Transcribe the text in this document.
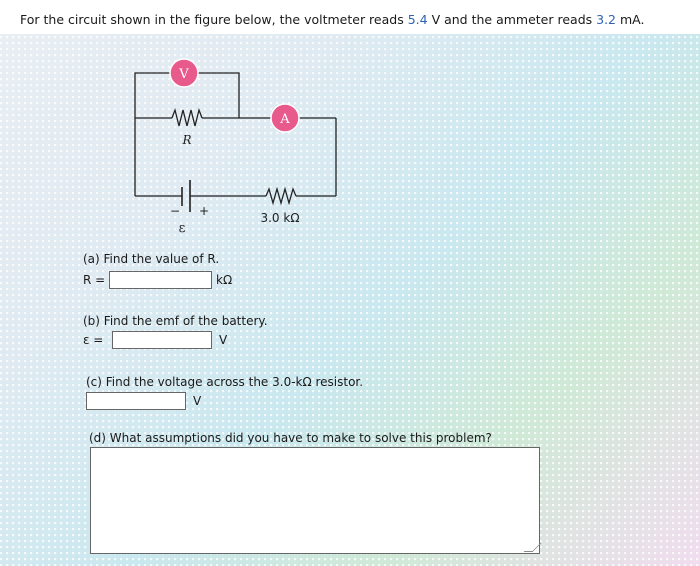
For the circuit shown in the figure below, the voltmeter reads 5.4 V and the ammeter reads 3.2 mA.
V
A
R
3.0 kΩ
− +
ε
(a) Find the value of R.
R =	kΩ
(b) Find the emf of the battery.
ε =	V
(c) Find the voltage across the 3.0-kΩ resistor.
V
(d) What assumptions did you have to make to solve this problem?
